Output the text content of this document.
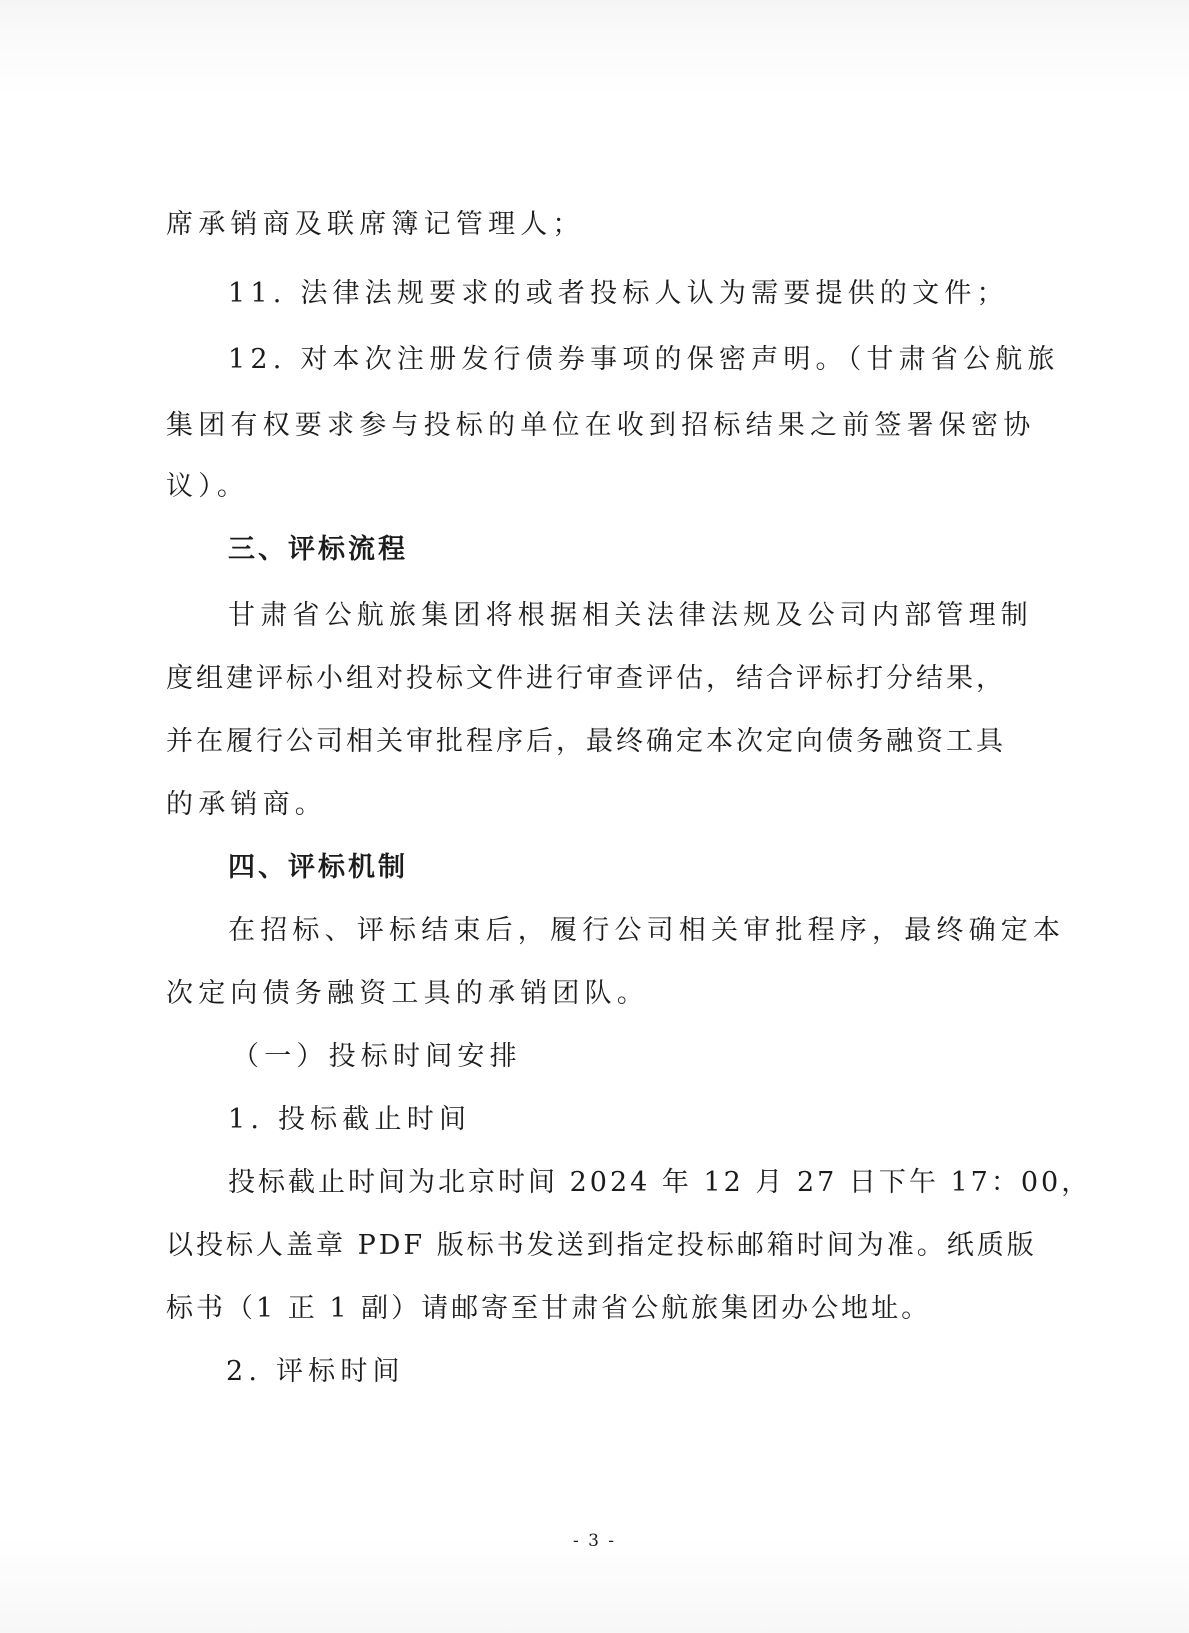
席承销商及联席簿记管理人；
11. 法律法规要求的或者投标人认为需要提供的文件；
12. 对本次注册发行债券事项的保密声明。（甘肃省公航旅
集团有权要求参与投标的单位在收到招标结果之前签署保密协
议）。
三、评标流程
甘肃省公航旅集团将根据相关法律法规及公司内部管理制
度组建评标小组对投标文件进行审查评估，结合评标打分结果，
并在履行公司相关审批程序后，最终确定本次定向债务融资工具
的承销商。
四、评标机制
在招标、评标结束后，履行公司相关审批程序，最终确定本
次定向债务融资工具的承销团队。
（一）投标时间安排
1. 投标截止时间
投标截止时间为北京时间 2024 年 12 月 27 日下午 17：00，
以投标人盖章 PDF 版标书发送到指定投标邮箱时间为准。纸质版
标书（1 正 1 副）请邮寄至甘肃省公航旅集团办公地址。
2. 评标时间
- 3 -
